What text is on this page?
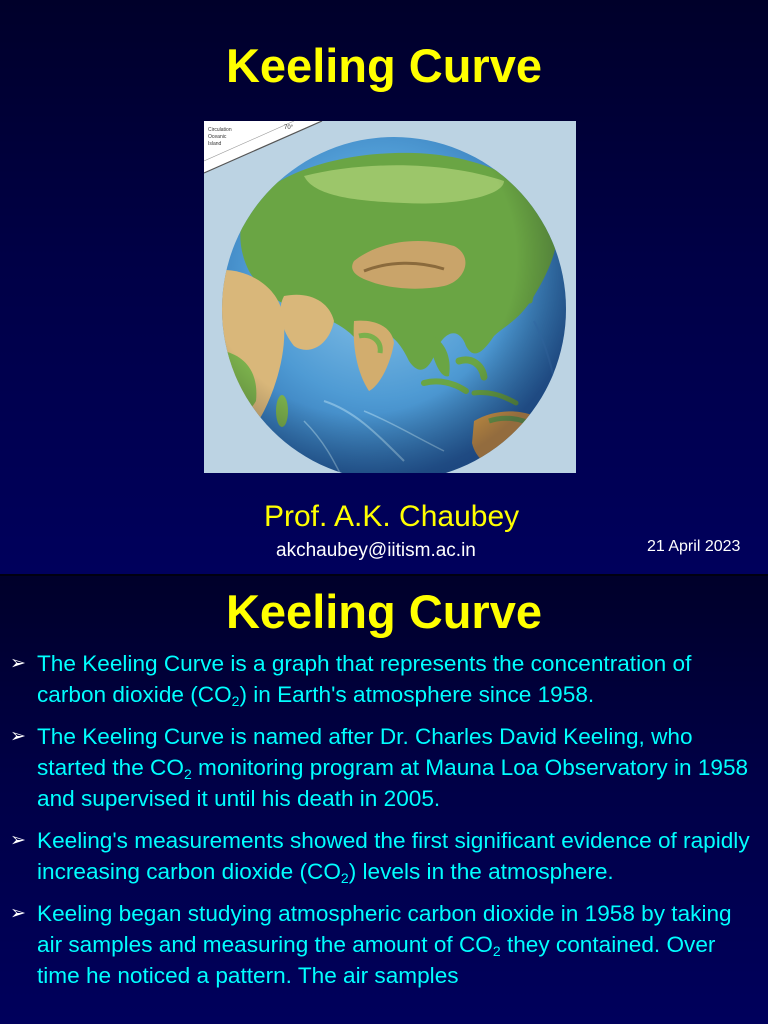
Keeling Curve
70°
Circulation
Oceanic
Island

Prof. A.K. Chaubey

akchaubey@iitism.ac.in	21 April 2023
Keeling Curve
➢ The Keeling Curve is a graph that represents the concentration of carbon dioxide $(CO_2)$ in Earth's atmosphere since 1958.
➢ The Keeling Curve is named after Dr. Charles David Keeling, who started the $CO_2$ monitoring program at Mauna Loa Observatory in 1958 and supervised it until his death in 2005.
➢ Keeling's measurements showed the first significant evidence of rapidly increasing carbon dioxide $(CO_2)$ levels in the atmosphere.
➢ Keeling began studying atmospheric carbon dioxide in 1958 by taking air samples and measuring the amount of $CO_2$ they contained. Over time he noticed a pattern. The air samples
